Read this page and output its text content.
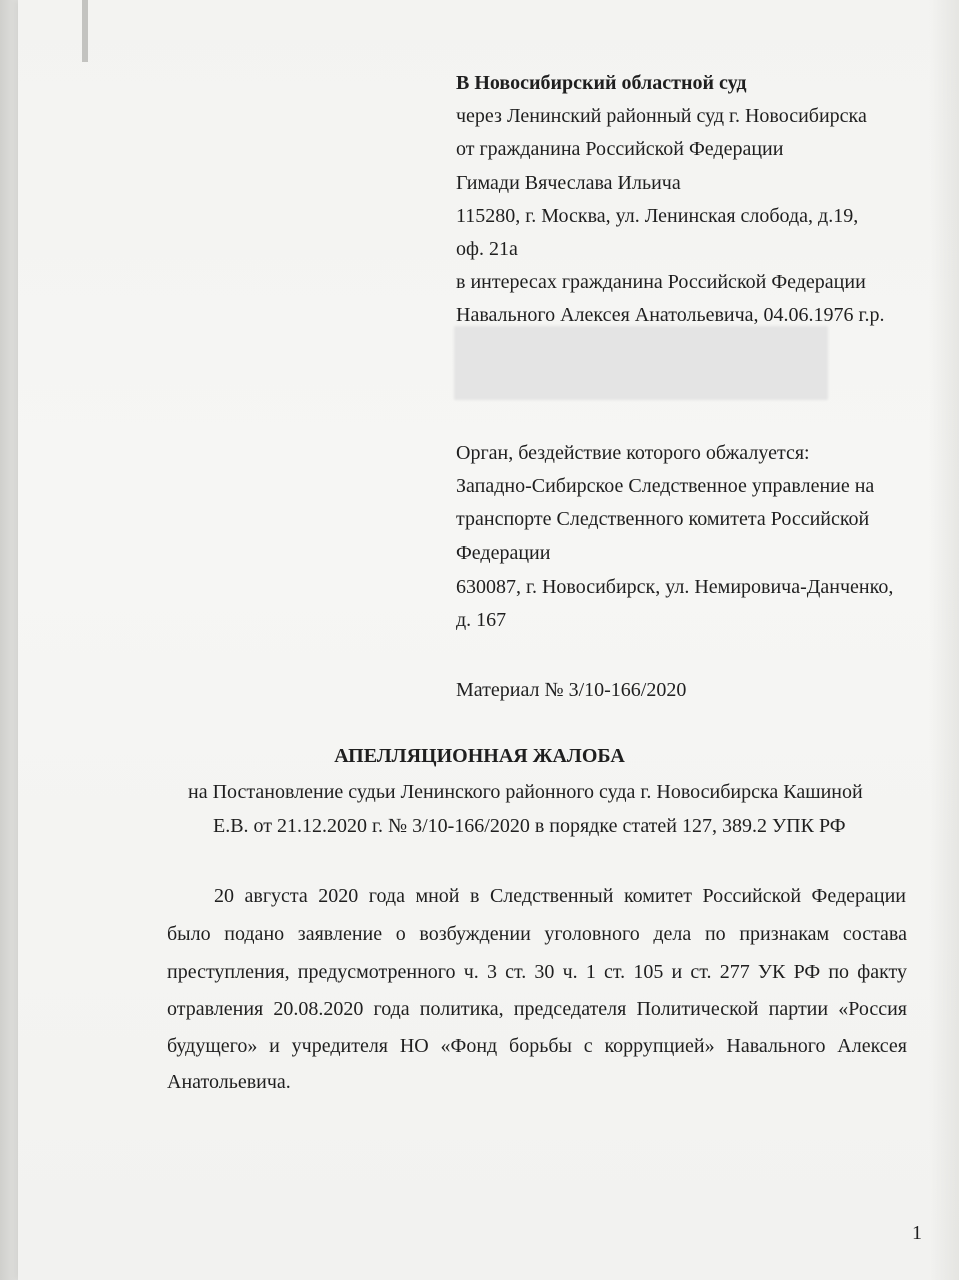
В Новосибирский областной суд
через Ленинский районный суд г. Новосибирска
от гражданина Российской Федерации
Гимади Вячеслава Ильича
115280, г. Москва, ул. Ленинская слобода, д.19,
оф. 21а
в интересах гражданина Российской Федерации
Навального Алексея Анатольевича, 04.06.1976 г.р.
Орган, бездействие которого обжалуется:
Западно-Сибирское Следственное управление на
транспорте Следственного комитета Российской
Федерации
630087, г. Новосибирск, ул. Немировича-Данченко,
д. 167
Материал № 3/10-166/2020
АПЕЛЛЯЦИОННАЯ ЖАЛОБА
на Постановление судьи Ленинского районного суда г. Новосибирска Кашиной
Е.В. от 21.12.2020 г. № 3/10-166/2020 в порядке статей 127, 389.2 УПК РФ
20 августа 2020 года мной в Следственный комитет Российской Федерации
было подано заявление о возбуждении уголовного дела по признакам состава
преступления, предусмотренного ч. 3 ст. 30 ч. 1 ст. 105 и ст. 277 УК РФ по факту
отравления 20.08.2020 года политика, председателя Политической партии «Россия
будущего» и учредителя НО «Фонд борьбы с коррупцией» Навального Алексея
Анатольевича.
1
